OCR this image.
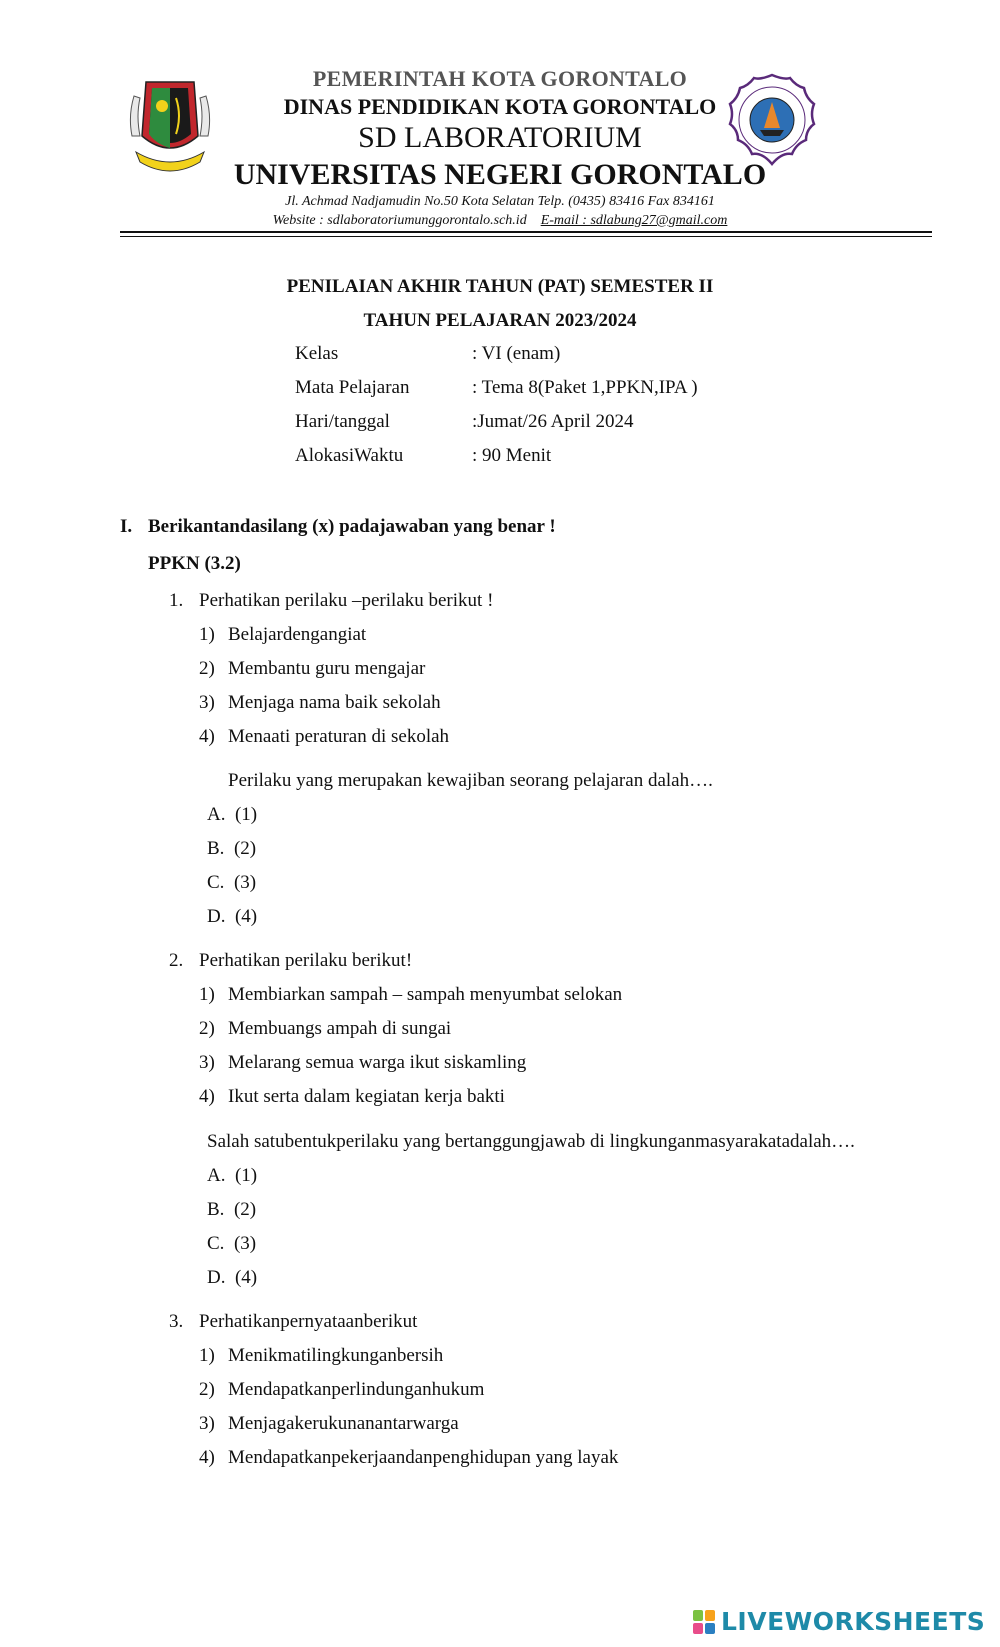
PEMERINTAH KOTA GORONTALO
DINAS PENDIDIKAN KOTA GORONTALO
SD LABORATORIUM
UNIVERSITAS NEGERI GORONTALO
Jl. Achmad Nadjamudin No.50 Kota Selatan Telp. (0435) 83416 Fax 834161
Website : sdlaboratoriumunggorontalo.sch.id E-mail : sdlabung27@gmail.com
PENILAIAN AKHIR TAHUN (PAT) SEMESTER II
TAHUN PELAJARAN 2023/2024
Kelas	: VI (enam)
Mata Pelajaran	: Tema 8(Paket 1,PPKN,IPA )
Hari/tanggal	:Jumat/26 April 2024
AlokasiWaktu	: 90 Menit
I. Berikantandasilang (x) padajawaban yang benar !
PPKN (3.2)
1. Perhatikan perilaku –perilaku berikut !
1) Belajardengangiat
2) Membantu guru mengajar
3) Menjaga nama baik sekolah
4) Menaati peraturan di sekolah
Perilaku yang merupakan kewajiban seorang pelajaran dalah….
A. (1)
B. (2)
C. (3)
D. (4)
2. Perhatikan perilaku berikut!
1) Membiarkan sampah – sampah menyumbat selokan
2) Membuangs ampah di sungai
3) Melarang semua warga ikut siskamling
4) Ikut serta dalam kegiatan kerja bakti
Salah satubentukperilaku yang bertanggungjawab di lingkunganmasyarakatadalah….
A. (1)
B. (2)
C. (3)
D. (4)
3. Perhatikanpernyataanberikut
1) Menikmatilingkunganbersih
2) Mendapatkanperlindunganhukum
3) Menjagakerukunanantarwarga
4) Mendapatkanpekerjaandanpenghidupan yang layak
LIVEWORKSHEETS
